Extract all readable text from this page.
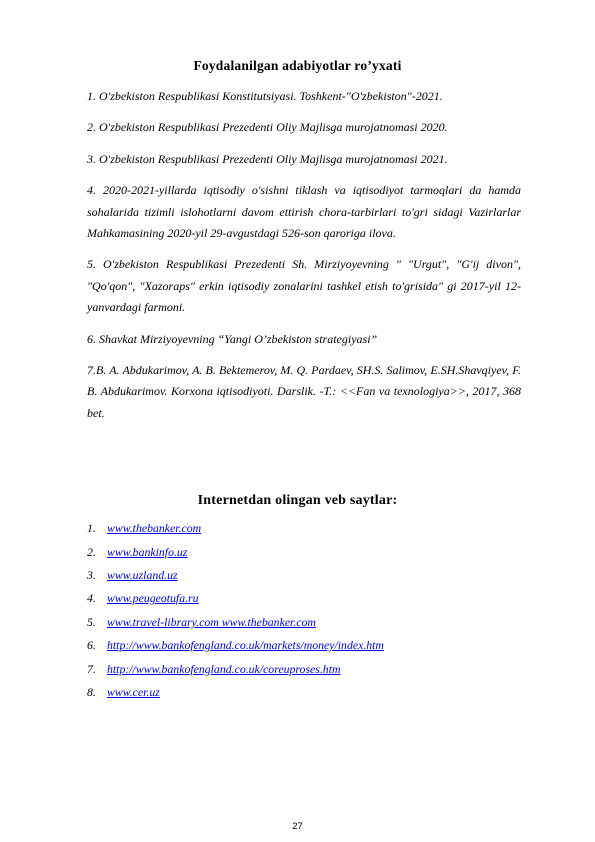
Foydalanilgan adabiyotlar ro’yxati

1. O'zbekiston Respublikasi Konstitutsiyasi. Toshkent-"O'zbekiston"-2021.

2. O'zbekiston Respublikasi Prezedenti Oliy Majlisga murojatnomasi 2020.

3. O'zbekiston Respublikasi Prezedenti Oliy Majlisga murojatnomasi 2021.

4. 2020-2021-yillarda iqtisodiy o'sishni tiklash va iqtisodiyot tarmoqlari da hamda sohalarida tizimli islohotlarni davom ettirish chora-tarbirlari to'gri sidagi Vazirlarlar Mahkamasining 2020-yil 29-avgustdagi 526-son qaroriga ilova.

5. O'zbekiston Respublikasi Prezedenti Sh. Mirziyoyevning " "Urgut", "G'ij divon", "Qo'qon", "Xazoraps" erkin iqtisodiy zonalarini tashkel etish to'grisida" gi 2017-yil 12-yanvardagi farmoni.

6. Shavkat Mirziyoyevning “Yangi O’zbekiston strategiyasi”

7.B. A. Abdukarimov, A. B. Bektemerov, M. Q. Pardaev, SH.S. Salimov, E.SH.Shavqiyev, F. B. Abdukarimov. Korxona iqtisodiyoti. Darslik. -T.: <<Fan va texnologiya>>, 2017, 368 bet.

Internetdan olingan veb saytlar:
1. www.thebanker.com
2. www.bankinfo.uz
3. www.uzland.uz
4. www.peugeotufa.ru
5. www.travel-library.com www.thebanker.com
6. http://www.bankofengland.co.uk/markets/money/index.htm
7. http://www.bankofengland.co.uk/coreuproses.htm
8. www.cer.uz
27
